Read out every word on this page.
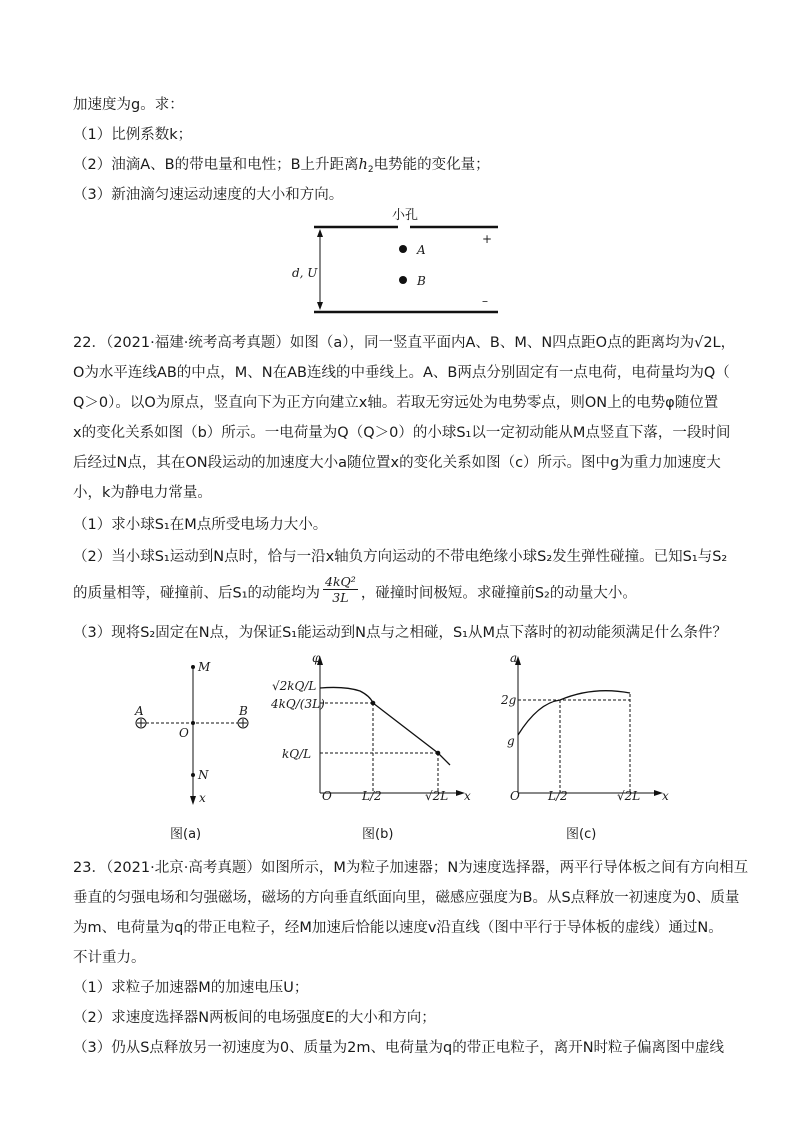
加速度为g。求：
（1）比例系数k；
（2）油滴A、B的带电量和电性；B上升距离$h_2$电势能的变化量；
（3）新油滴匀速运动速度的大小和方向。
小孔
+
–
d, U
A
B
22．（2021·福建·统考高考真题）如图（a），同一竖直平面内A、B、M、N四点距O点的距离均为√2L，
O为水平连线AB的中点，M、N在AB连线的中垂线上。A、B两点分别固定有一点电荷，电荷量均为Q（
Q＞0）。以O为原点，竖直向下为正方向建立x轴。若取无穷远处为电势零点，则ON上的电势φ随位置
x的变化关系如图（b）所示。一电荷量为Q（Q＞0）的小球S₁以一定初动能从M点竖直下落，一段时间
后经过N点，其在ON段运动的加速度大小a随位置x的变化关系如图（c）所示。图中g为重力加速度大
小，k为静电力常量。
（1）求小球S₁在M点所受电场力大小。
（2）当小球S₁运动到N点时，恰与一沿x轴负方向运动的不带电绝缘小球S₂发生弹性碰撞。已知S₁与S₂
的质量相等，碰撞前、后S₁的动能均为 $\frac{\text{4kQ²}}{3L}$ ，碰撞时间极短。求碰撞前S₂的动量大小。
（3）现将S₂固定在N点，为保证S₁能运动到N点与之相碰，S₁从M点下落时的初动能须满足什么条件？
M
A	B
O
N
x
图(a)
φ
x
O
√2kQ/L
4kQ/(3L)
kQ/L
L/2	√2L
图(b)
a
x
O
2g
g
L/2	√2L
图(c)
23．（2021·北京·高考真题）如图所示，M为粒子加速器；N为速度选择器，两平行导体板之间有方向相互
垂直的匀强电场和匀强磁场，磁场的方向垂直纸面向里，磁感应强度为B。从S点释放一初速度为0、质量
为m、电荷量为q的带正电粒子，经M加速后恰能以速度v沿直线（图中平行于导体板的虚线）通过N。
不计重力。
（1）求粒子加速器M的加速电压U；
（2）求速度选择器N两板间的电场强度E的大小和方向；
（3）仍从S点释放另一初速度为0、质量为2m、电荷量为q的带正电粒子，离开N时粒子偏离图中虚线
